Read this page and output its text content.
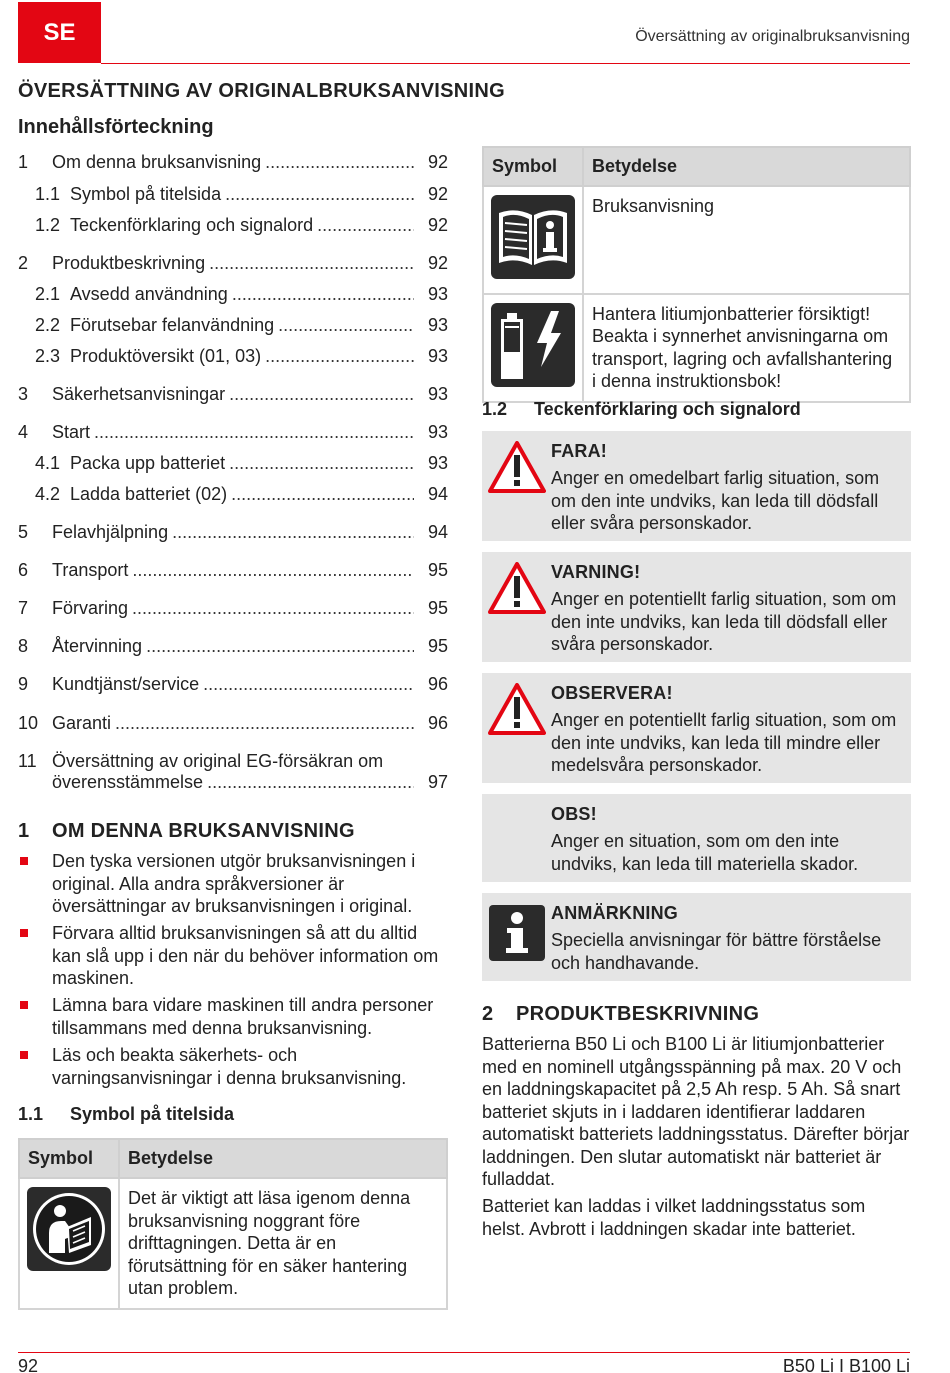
SE	Översättning av originalbruksanvisning
ÖVERSÄTTNING AV ORIGINALBRUKSANVISNING
Innehållsförteckning
1	Om denna bruksanvisning .....	92
1.1 Symbol på titelsida .....	92
1.2 Teckenförklaring och signalord .....	92
2	Produktbeskrivning .....	92
2.1 Avsedd användning .....	93
2.2 Förutsebar felanvändning .....	93
2.3 Produktöversikt (01, 03) .....	93
3	Säkerhetsanvisningar .....	93
4	Start .....	93
4.1 Packa upp batteriet .....	93
4.2 Ladda batteriet (02) .....	94
5	Felavhjälpning .....	94
6	Transport .....	95
7	Förvaring .....	95
8	Återvinning .....	95
9	Kundtjänst/service .....	96
10 Garanti .....	96
11 Översättning av original EG-försäkran om
överensstämmelse .....	97
1 OM DENNA BRUKSANVISNING
Den tyska versionen utgör bruksanvisningen i original. Alla andra språkversioner är översättningar av bruksanvisningen i original.
Förvara alltid bruksanvisningen så att du alltid kan slå upp i den när du behöver information om maskinen.
Lämna bara vidare maskinen till andra personer tillsammans med denna bruksanvisning.
Läs och beakta säkerhets- och varningsanvisningar i denna bruksanvisning.
1.1 Symbol på titelsida
Symbol	Betydelse
	Det är viktigt att läsa igenom denna bruksanvisning noggrant före drifttagningen. Detta är en förutsättning för en säker hantering utan problem.
Symbol	Betydelse
	Bruksanvisning
	Hantera litiumjonbatterier försiktigt! Beakta i synnerhet anvisningarna om transport, lagring och avfallshantering i denna instruktionsbok!
1.2 Teckenförklaring och signalord
FARA!
Anger en omedelbart farlig situation, som om den inte undviks, kan leda till dödsfall eller svåra personskador.
VARNING!
Anger en potentiellt farlig situation, som om den inte undviks, kan leda till dödsfall eller svåra personskador.
OBSERVERA!
Anger en potentiellt farlig situation, som om den inte undviks, kan leda till mindre eller medelsvåra personskador.
OBS!
Anger en situation, som om den inte undviks, kan leda till materiella skador.
ANMÄRKNING
Speciella anvisningar för bättre förståelse och handhavande.
2 PRODUKTBESKRIVNING
Batterierna B50 Li och B100 Li är litiumjonbatterier med en nominell utgångsspänning på max. 20 V och en laddningskapacitet på 2,5 Ah resp. 5 Ah. Så snart batteriet skjuts in i laddaren identifierar laddaren automatiskt batteriets laddningsstatus. Därefter börjar laddningen. Den slutar automatiskt när batteriet är fulladdat.
Batteriet kan laddas i vilket laddningsstatus som helst. Avbrott i laddningen skadar inte batteriet.
92	B50 Li I B100 Li
